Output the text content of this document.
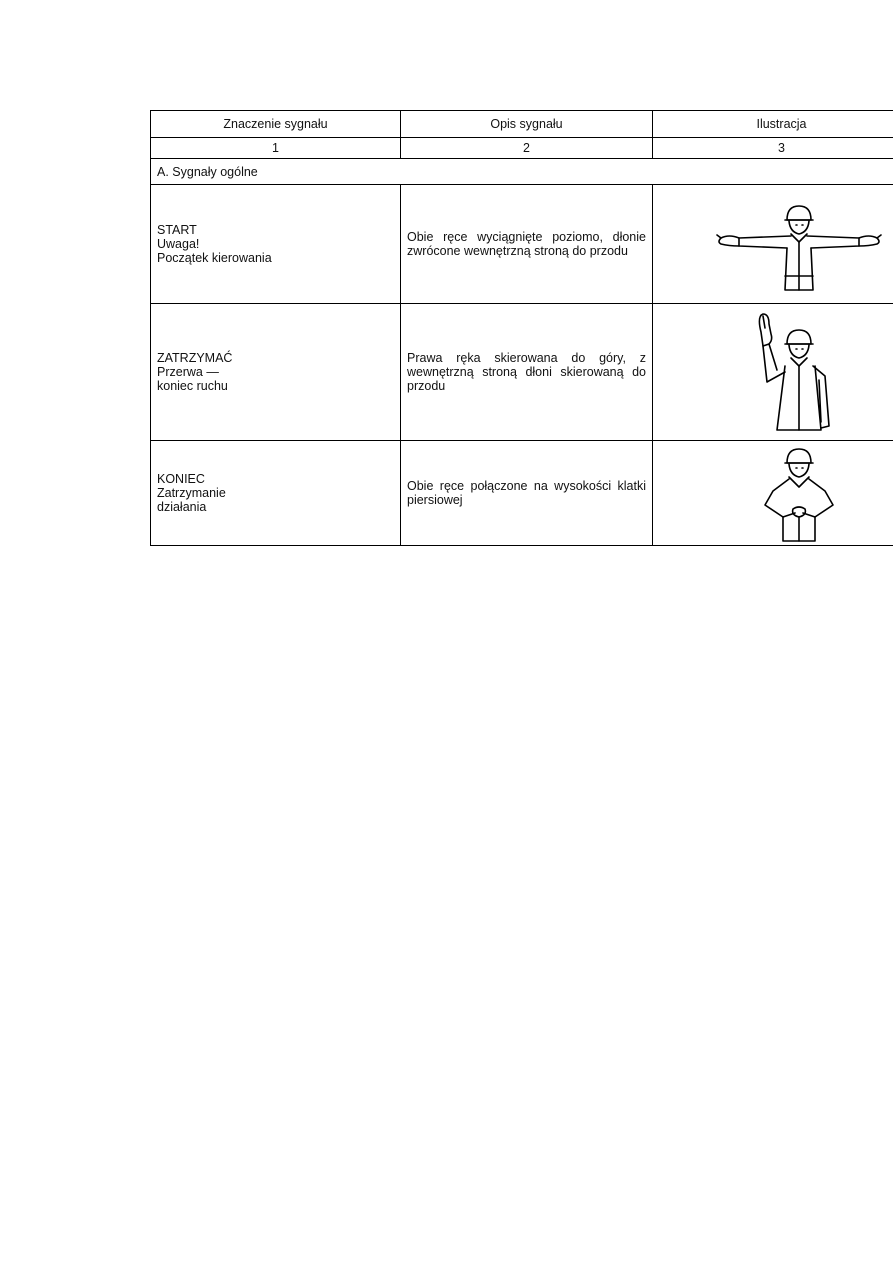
Znaczenie sygnału	Opis sygnału	Ilustracja
1	2	3
A. Sygnały ogólne		

START
Uwaga!
Początek kierowania	Obie ręce wyciągnięte poziomo, dłonie zwrócone wewnętrzną stroną do przodu	

ZATRZYMAĆ
Przerwa —
koniec ruchu	Prawa ręka skierowana do góry, z wewnętrzną stroną dłoni skierowaną do przodu	

KONIEC
Zatrzymanie
działania	Obie ręce połączone na wysokości klatki piersiowej	
